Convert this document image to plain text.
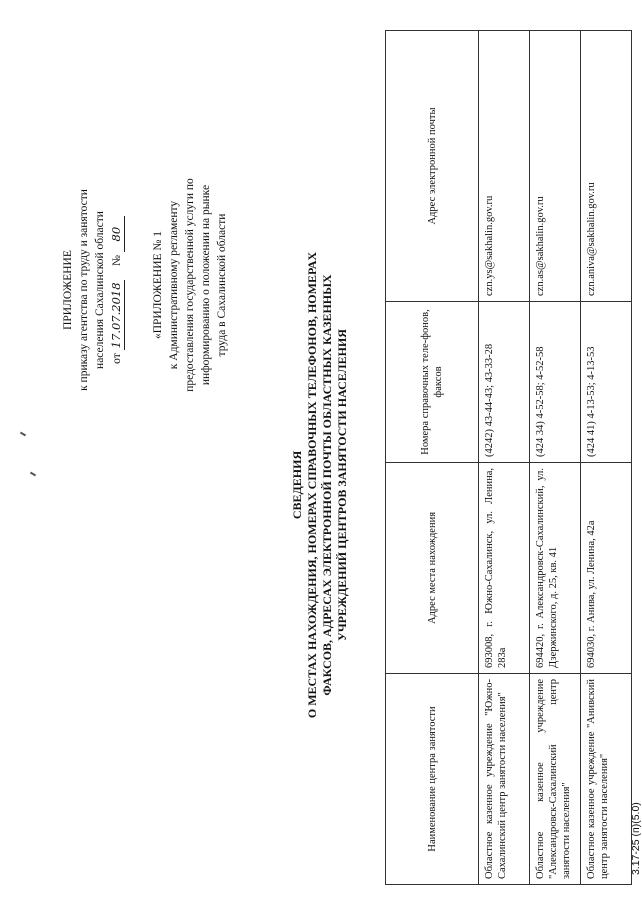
ПРИЛОЖЕНИЕ к приказу агентства по труду и занятости населения Сахалинской области от 17.07.2018     № 80	«ПРИЛОЖЕНИЕ № 1 к Административному регламенту предоставления государственной услуги по информированию о положении на рынке труда в Сахалинской области
СВЕДЕНИЯ О МЕСТАХ НАХОЖДЕНИЯ, НОМЕРАХ СПРАВОЧНЫХ ТЕЛЕФОНОВ, НОМЕРАХ ФАКСОВ, АДРЕСАХ ЭЛЕКТРОННОЙ ПОЧТЫ ОБЛАСТНЫХ КАЗЕННЫХ УЧРЕЖДЕНИЙ ЦЕНТРОВ ЗАНЯТОСТИ НАСЕЛЕНИЯ
Наименование центра занятости	Адрес места нахождения	Номера справочных теле-фонов, факсов	Адрес электронной почты
Областное казенное учреждение "Южно-Сахалинский центр занятости населения"	693008, г. Южно-Сахалинск, ул. Ленина, 283а	(4242) 43-44-43; 43-33-28	czn.ys@sakhalin.gov.ru
Областное казенное учреждение "Александровск-Сахалинский центр занятости населения"	694420, г. Александровск-Сахалинский, ул. Дзержинского, д. 25, кв. 41	(424 34) 4-52-58; 4-52-58	czn.as@sakhalin.gov.ru
Областное казенное учреждение "Анивский центр занятости населения"	694030, г. Анива, ул. Ленина, 42а	(424 41) 4-13-53; 4-13-53	czn.aniva@sakhalin.gov.ru
3.17-25 (п)(5.0)
